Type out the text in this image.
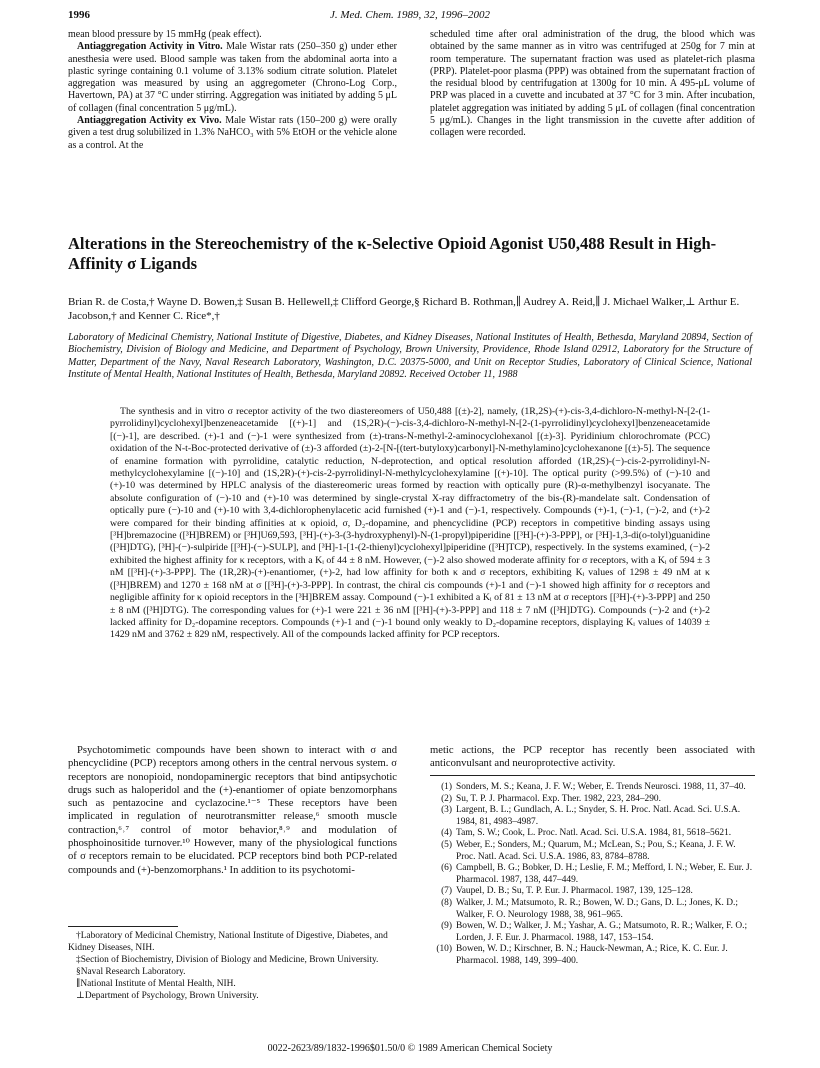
1996	J. Med. Chem. 1989, 32, 1996–2002

mean blood pressure by 15 mmHg (peak effect).

Antiaggregation Activity in Vitro. Male Wistar rats (250–350 g) under ether anesthesia were used. Blood sample was taken from the abdominal aorta into a plastic syringe containing 0.1 volume of 3.13% sodium citrate solution. Platelet aggregation was measured by using an aggregometer (Chrono-Log Corp., Havertown, PA) at 37 °C under stirring. Aggregation was initiated by adding 5 μL of collagen (final concentration 5 μg/mL).

Antiaggregation Activity ex Vivo. Male Wistar rats (150–200 g) were orally given a test drug solubilized in 1.3% NaHCO₃ with 5% EtOH or the vehicle alone as a control. At the

scheduled time after oral administration of the drug, the blood which was obtained by the same manner as in vitro was centrifuged at 250g for 7 min at room temperature. The supernatant fraction was used as platelet-rich plasma (PRP). Platelet-poor plasma (PPP) was obtained from the supernatant fraction of the residual blood by centrifugation at 1300g for 10 min. A 495-μL volume of PRP was placed in a cuvette and incubated at 37 °C for 3 min. After incubation, platelet aggregation was initiated by adding 5 μL of collagen (final concentration 5 μg/mL). Changes in the light transmission in the cuvette after addition of collagen were recorded.

Alterations in the Stereochemistry of the κ-Selective Opioid Agonist U50,488 Result in High-Affinity σ Ligands
Brian R. de Costa,† Wayne D. Bowen,‡ Susan B. Hellewell,‡ Clifford George,§ Richard B. Rothman,∥ Audrey A. Reid,∥ J. Michael Walker,⊥ Arthur E. Jacobson,† and Kenner C. Rice*,†
Laboratory of Medicinal Chemistry, National Institute of Digestive, Diabetes, and Kidney Diseases, National Institutes of Health, Bethesda, Maryland 20894, Section of Biochemistry, Division of Biology and Medicine, and Department of Psychology, Brown University, Providence, Rhode Island 02912, Laboratory for the Structure of Matter, Department of the Navy, Naval Research Laboratory, Washington, D.C. 20375-5000, and Unit on Receptor Studies, Laboratory of Clinical Science, National Institute of Mental Health, National Institutes of Health, Bethesda, Maryland 20892. Received October 11, 1988

The synthesis and in vitro σ receptor activity of the two diastereomers of U50,488 [(±)-2], namely, (1R,2S)-(+)-cis-3,4-dichloro-N-methyl-N-[2-(1-pyrrolidinyl)cyclohexyl]benzeneacetamide [(+)-1] and (1S,2R)-(−)-cis-3,4-dichloro-N-methyl-N-[2-(1-pyrrolidinyl)cyclohexyl]benzeneacetamide [(−)-1], are described. (+)-1 and (−)-1 were synthesized from (±)-trans-N-methyl-2-aminocyclohexanol [(±)-3]. Pyridinium chlorochromate (PCC) oxidation of the N-t-Boc-protected derivative of (±)-3 afforded (±)-2-[N-[(tert-butyloxy)carbonyl]-N-methylamino]cyclohexanone [(±)-5]. The sequence of enamine formation with pyrrolidine, catalytic reduction, N-deprotection, and optical resolution afforded (1R,2S)-(−)-cis-2-pyrrolidinyl-N-methylcyclohexylamine [(−)-10] and (1S,2R)-(+)-cis-2-pyrrolidinyl-N-methylcyclohexylamine [(+)-10]. The optical purity (>99.5%) of (−)-10 and (+)-10 was determined by HPLC analysis of the diastereomeric ureas formed by reaction with optically pure (R)-α-methylbenzyl isocyanate. The absolute configuration of (−)-10 and (+)-10 was determined by single-crystal X-ray diffractometry of the bis-(R)-mandelate salt. Condensation of optically pure (−)-10 and (+)-10 with 3,4-dichlorophenylacetic acid furnished (+)-1 and (−)-1, respectively. Compounds (+)-1, (−)-1, (−)-2, and (+)-2 were compared for their binding affinities at κ opioid, σ, D₂-dopamine, and phencyclidine (PCP) receptors in competitive binding assays using [³H]bremazocine ([³H]BREM) or [³H]U69,593, [³H]-(+)-3-(3-hydroxyphenyl)-N-(1-propyl)piperidine [[³H]-(+)-3-PPP], or [³H]-1,3-di(o-tolyl)guanidine ([³H]DTG), [³H]-(−)-sulpiride [[³H]-(−)-SULP], and [³H]-1-[1-(2-thienyl)cyclohexyl]piperidine ([³H]TCP), respectively. In the systems examined, (−)-2 exhibited the highest affinity for κ receptors, with a Kᵢ of 44 ± 8 nM. However, (−)-2 also showed moderate affinity for σ receptors, with a Kᵢ of 594 ± 3 nM [[³H]-(+)-3-PPP]. The (1R,2R)-(+)-enantiomer, (+)-2, had low affinity for both κ and σ receptors, exhibiting Kᵢ values of 1298 ± 49 nM at κ ([³H]BREM) and 1270 ± 168 nM at σ [[³H]-(+)-3-PPP]. In contrast, the chiral cis compounds (+)-1 and (−)-1 showed high affinity for σ receptors and negligible affinity for κ opioid receptors in the [³H]BREM assay. Compound (−)-1 exhibited a Kᵢ of 81 ± 13 nM at σ receptors [[³H]-(+)-3-PPP] and 250 ± 8 nM ([³H]DTG). The corresponding values for (+)-1 were 221 ± 36 nM [[³H]-(+)-3-PPP] and 118 ± 7 nM ([³H]DTG). Compounds (−)-2 and (+)-2 lacked affinity for D₂-dopamine receptors. Compounds (+)-1 and (−)-1 bound only weakly to D₂-dopamine receptors, displaying Kᵢ values of 14039 ± 1429 nM and 3762 ± 829 nM, respectively. All of the compounds lacked affinity for PCP receptors.

Psychotomimetic compounds have been shown to interact with σ and phencyclidine (PCP) receptors among others in the central nervous system. σ receptors are nonopioid, nondopaminergic receptors that bind antipsychotic drugs such as haloperidol and the (+)-enantiomer of opiate benzomorphans such as pentazocine and cyclazocine.¹⁻⁵ These receptors have been implicated in regulation of neurotransmitter release,⁶ smooth muscle contraction,⁶˒⁷ control of motor behavior,⁸˒⁹ and modulation of phosphoinositide turnover.¹⁰ However, many of the physiological functions of σ receptors remain to be elucidated. PCP receptors bind both PCP-related compounds and (+)-benzomorphans.¹ In addition to its psychotomi-

metic actions, the PCP receptor has recently been associated with anticonvulsant and neuroprotective activity.
†Laboratory of Medicinal Chemistry, National Institute of Digestive, Diabetes, and Kidney Diseases, NIH.
‡Section of Biochemistry, Division of Biology and Medicine, Brown University.
§Naval Research Laboratory.
∥National Institute of Mental Health, NIH.
⊥Department of Psychology, Brown University.
(1) Sonders, M. S.; Keana, J. F. W.; Weber, E. Trends Neurosci. 1988, 11, 37–40.
(2) Su, T. P. J. Pharmacol. Exp. Ther. 1982, 223, 284–290.
(3) Largent, B. L.; Gundlach, A. L.; Snyder, S. H. Proc. Natl. Acad. Sci. U.S.A. 1984, 81, 4983–4987.
(4) Tam, S. W.; Cook, L. Proc. Natl. Acad. Sci. U.S.A. 1984, 81, 5618–5621.
(5) Weber, E.; Sonders, M.; Quarum, M.; McLean, S.; Pou, S.; Keana, J. F. W. Proc. Natl. Acad. Sci. U.S.A. 1986, 83, 8784–8788.
(6) Campbell, B. G.; Bobker, D. H.; Leslie, F. M.; Mefford, I. N.; Weber, E. Eur. J. Pharmacol. 1987, 138, 447–449.
(7) Vaupel, D. B.; Su, T. P. Eur. J. Pharmacol. 1987, 139, 125–128.
(8) Walker, J. M.; Matsumoto, R. R.; Bowen, W. D.; Gans, D. L.; Jones, K. D.; Walker, F. O. Neurology 1988, 38, 961–965.
(9) Bowen, W. D.; Walker, J. M.; Yashar, A. G.; Matsumoto, R. R.; Walker, F. O.; Lorden, J. F. Eur. J. Pharmacol. 1988, 147, 153–154.
(10) Bowen, W. D.; Kirschner, B. N.; Hauck-Newman, A.; Rice, K. C. Eur. J. Pharmacol. 1988, 149, 399–400.
0022-2623/89/1832-1996$01.50/0 © 1989 American Chemical Society
